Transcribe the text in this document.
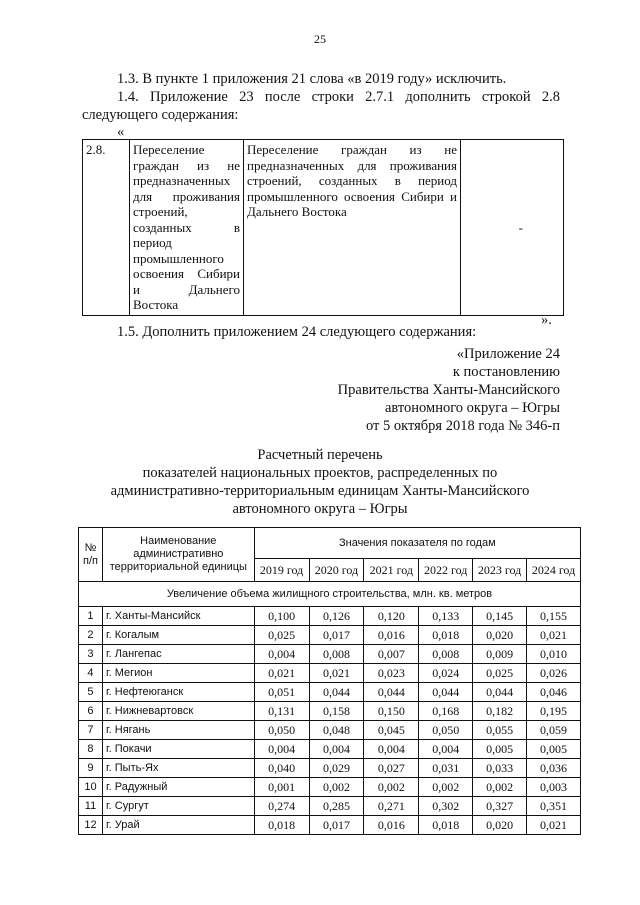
25
1.3. В пункте 1 приложения 21 слова «в 2019 году» исключить.
1.4. Приложение 23 после строки 2.7.1 дополнить строкой 2.8
следующего содержания:
«
2.8.	Переселение граждан из не предназначенных для проживания строений, созданных в период промышленного освоения Сибири и Дальнего Востока	Переселение граждан из не предназначенных для проживания строений, созданных в период промышленного освоения Сибири и Дальнего Востока	-
».
1.5. Дополнить приложением 24 следующего содержания:
«Приложение 24
к постановлению
Правительства Ханты-Мансийского
автономного округа – Югры
от 5 октября 2018 года № 346-п
Расчетный перечень
показателей национальных проектов, распределенных по
административно-территориальным единицам Ханты-Мансийского
автономного округа – Югры
№ п/п	Наименование административно территориальной единицы	Значения показателя по годам					
		2019 год	2020 год	2021 год	2022 год	2023 год	2024 год
Увеличение объема жилищного строительства, млн. кв. метров							
1	г. Ханты-Мансийск	0,100	0,126	0,120	0,133	0,145	0,155
2	г. Когалым	0,025	0,017	0,016	0,018	0,020	0,021
3	г. Лангепас	0,004	0,008	0,007	0,008	0,009	0,010
4	г. Мегион	0,021	0,021	0,023	0,024	0,025	0,026
5	г. Нефтеюганск	0,051	0,044	0,044	0,044	0,044	0,046
6	г. Нижневартовск	0,131	0,158	0,150	0,168	0,182	0,195
7	г. Нягань	0,050	0,048	0,045	0,050	0,055	0,059
8	г. Покачи	0,004	0,004	0,004	0,004	0,005	0,005
9	г. Пыть-Ях	0,040	0,029	0,027	0,031	0,033	0,036
10	г. Радужный	0,001	0,002	0,002	0,002	0,002	0,003
11	г. Сургут	0,274	0,285	0,271	0,302	0,327	0,351
12	г. Урай	0,018	0,017	0,016	0,018	0,020	0,021
